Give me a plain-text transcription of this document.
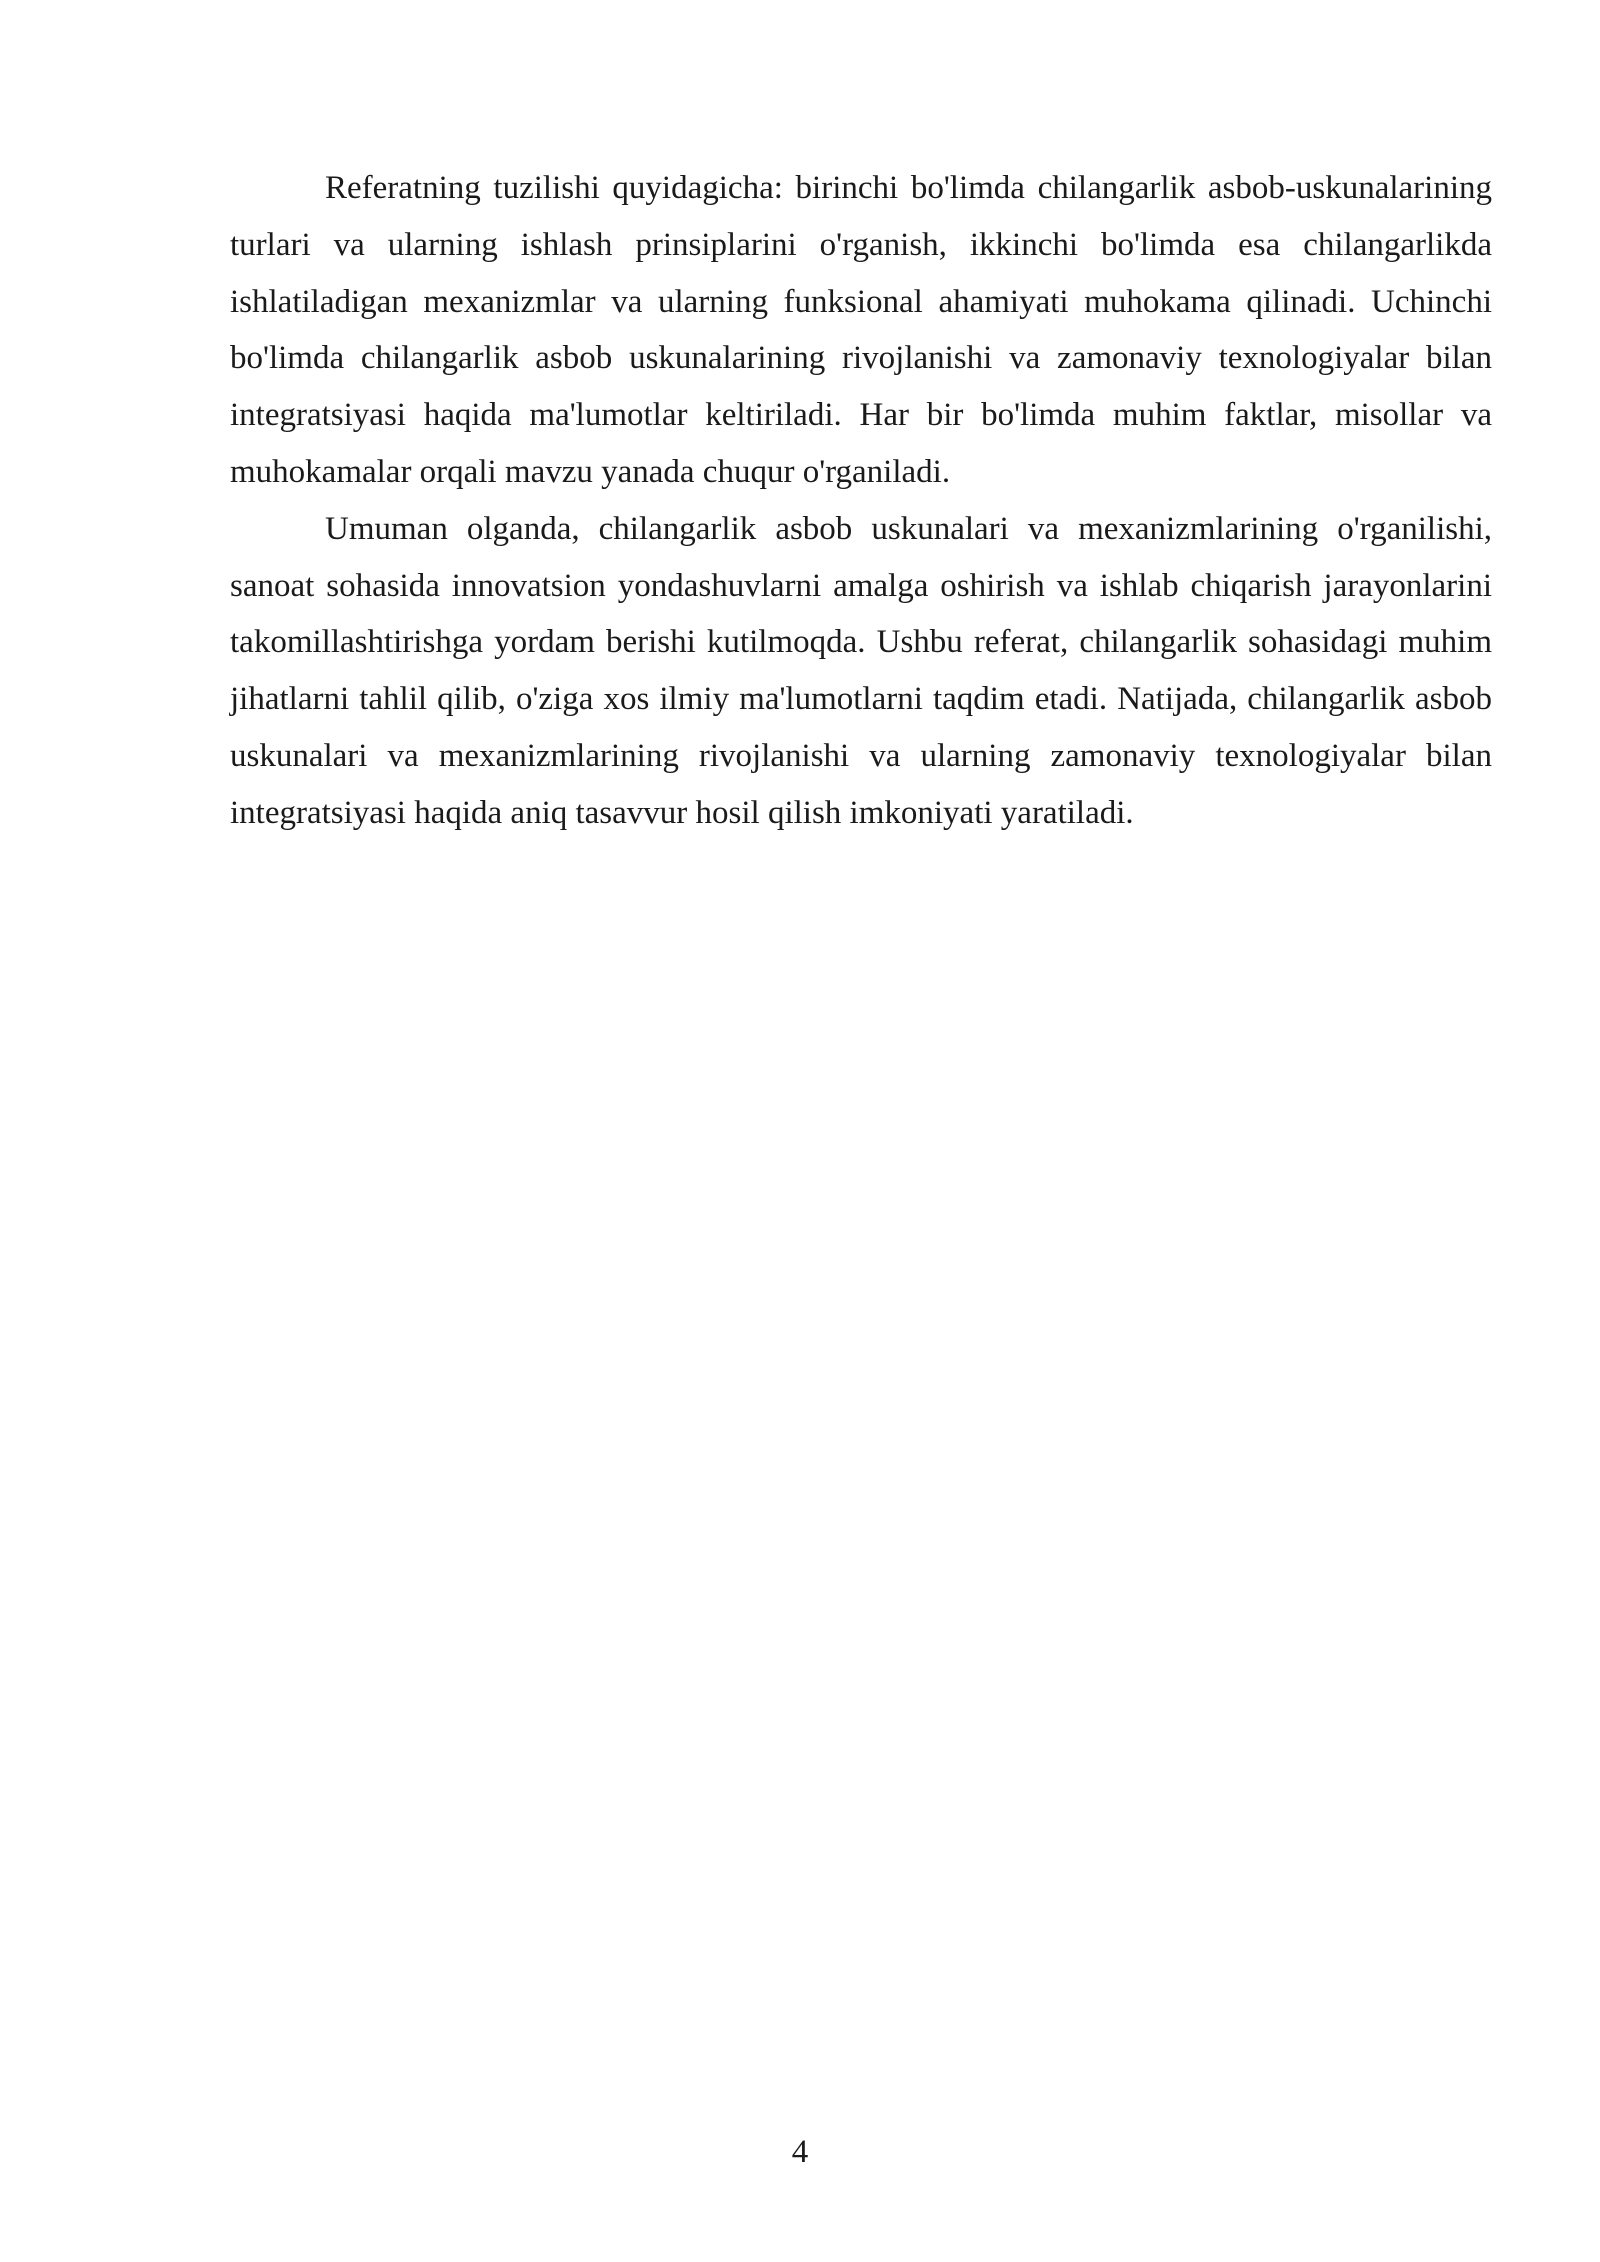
Referatning tuzilishi quyidagicha: birinchi bo'limda chilangarlik asbob-uskunalarining turlari va ularning ishlash prinsiplarini o'rganish, ikkinchi bo'limda esa chilangarlikda ishlatiladigan mexanizmlar va ularning funksional ahamiyati muhokama qilinadi. Uchinchi bo'limda chilangarlik asbob uskunalarining rivojlanishi va zamonaviy texnologiyalar bilan integratsiyasi haqida ma'lumotlar keltiriladi. Har bir bo'limda muhim faktlar, misollar va muhokamalar orqali mavzu yanada chuqur o'rganiladi.

Umuman olganda, chilangarlik asbob uskunalari va mexanizmlarining o'rganilishi, sanoat sohasida innovatsion yondashuvlarni amalga oshirish va ishlab chiqarish jarayonlarini takomillashtirishga yordam berishi kutilmoqda. Ushbu referat, chilangarlik sohasidagi muhim jihatlarni tahlil qilib, o'ziga xos ilmiy ma'lumotlarni taqdim etadi. Natijada, chilangarlik asbob uskunalari va mexanizmlarining rivojlanishi va ularning zamonaviy texnologiyalar bilan integratsiyasi haqida aniq tasavvur hosil qilish imkoniyati yaratiladi.

4
